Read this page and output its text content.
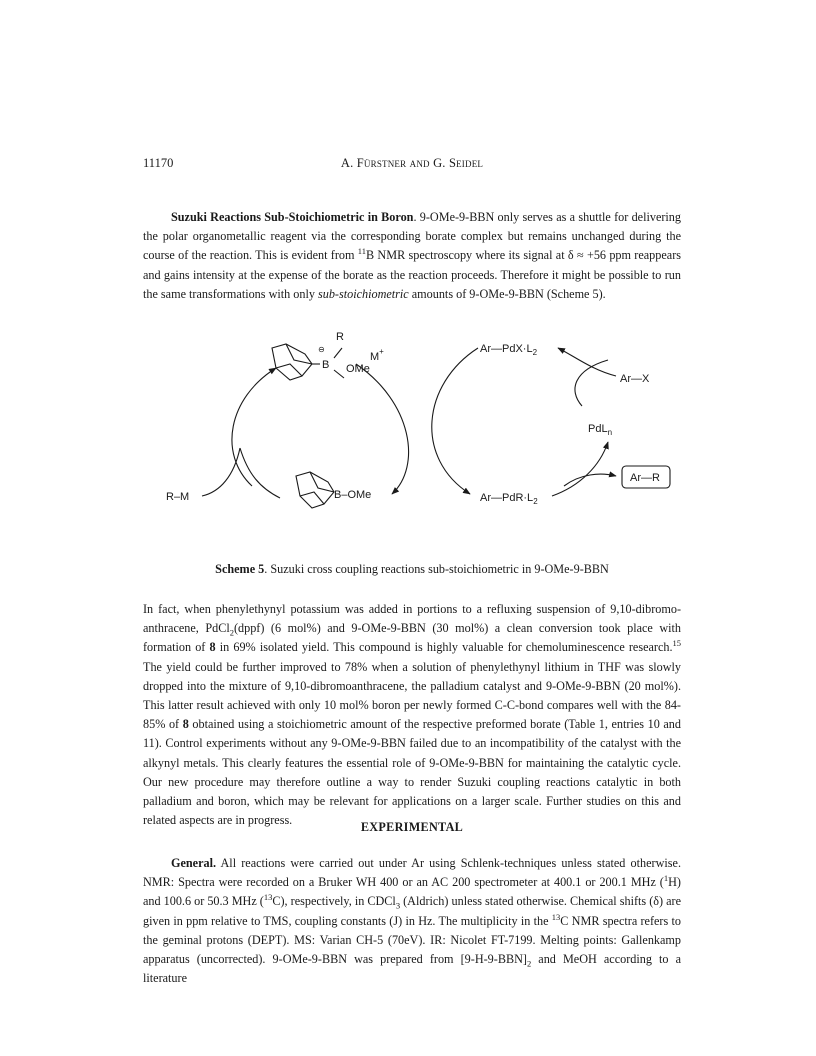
11170	A. Fürstner and G. Seidel

Suzuki Reactions Sub-Stoichiometric in Boron. 9-OMe-9-BBN only serves as a shuttle for delivering the polar organometallic reagent via the corresponding borate complex but remains unchanged during the course of the reaction. This is evident from $^{11}$B NMR spectroscopy where its signal at δ ≈ +56 ppm reappears and gains intensity at the expense of the borate as the reaction proceeds. Therefore it might be possible to run the same transformations with only sub-stoichiometric amounts of 9-OMe-9-BBN (Scheme 5).

R
⊖
B OMe
M+
B–OMe
R–M
$Ar—PdX\cdot L_2$
Ar—X
PdL$_n$
$Ar—PdR\cdot L_2$
Ar—R
Scheme 5. Suzuki cross coupling reactions sub-stoichiometric in 9-OMe-9-BBN

In fact, when phenylethynyl potassium was added in portions to a refluxing suspension of 9,10-dibromo-anthracene, PdCl$_2$(dppf) (6 mol%) and 9-OMe-9-BBN (30 mol%) a clean conversion took place with formation of 8 in 69% isolated yield. This compound is highly valuable for chemoluminescence research.$^{15}$ The yield could be further improved to 78% when a solution of phenylethynyl lithium in THF was slowly dropped into the mixture of 9,10-dibromoanthracene, the palladium catalyst and 9-OMe-9-BBN (20 mol%). This latter result achieved with only 10 mol% boron per newly formed C-C-bond compares well with the 84-85% of 8 obtained using a stoichiometric amount of the respective preformed borate (Table 1, entries 10 and 11). Control experiments without any 9-OMe-9-BBN failed due to an incompatibility of the catalyst with the alkynyl metals. This clearly features the essential role of 9-OMe-9-BBN for maintaining the catalytic cycle. Our new procedure may therefore outline a way to render Suzuki coupling reactions catalytic in both palladium and boron, which may be relevant for applications on a larger scale. Further studies on this and related aspects are in progress.	EXPERIMENTAL

General. All reactions were carried out under Ar using Schlenk-techniques unless stated otherwise. NMR: Spectra were recorded on a Bruker WH 400 or an AC 200 spectrometer at 400.1 or 200.1 MHz ($^1$H) and 100.6 or 50.3 MHz ($^{13}$C), respectively, in CDCl$_3$ (Aldrich) unless stated otherwise. Chemical shifts (δ) are given in ppm relative to TMS, coupling constants (J) in Hz. The multiplicity in the $^{13}$C NMR spectra refers to the geminal protons (DEPT). MS: Varian CH-5 (70eV). IR: Nicolet FT-7199. Melting points: Gallenkamp apparatus (uncorrected). 9-OMe-9-BBN was prepared from $[9-H-9-BBN]_2$ and MeOH according to a literature
